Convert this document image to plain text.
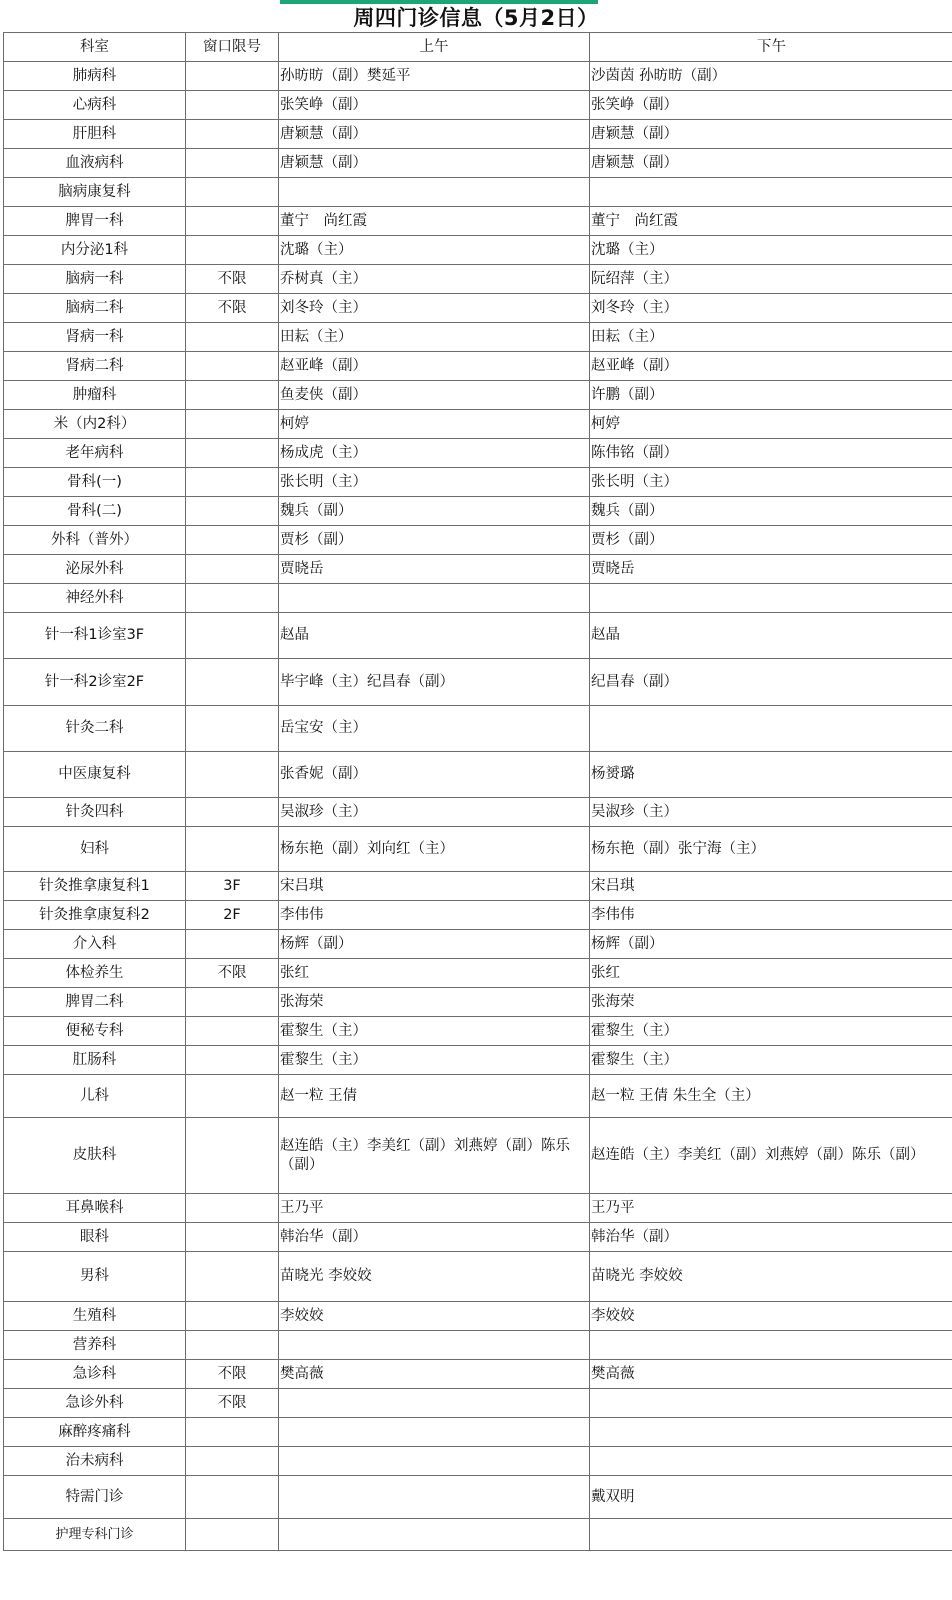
周四门诊信息（5月2日）
科室	窗口限号	上午	下午
肺病科		孙昉昉（副）樊延平	沙茵茵 孙昉昉（副）
心病科		张笑峥（副）	张笑峥（副）
肝胆科		唐颖慧（副）	唐颖慧（副）
血液病科		唐颖慧（副）	唐颖慧（副）
脑病康复科			
脾胃一科		董宁　尚红霞	董宁　尚红霞
内分泌1科		沈璐（主）	沈璐（主）
脑病一科	不限	乔树真（主）	阮绍萍（主）
脑病二科	不限	刘冬玲（主）	刘冬玲（主）
肾病一科		田耘（主）	田耘（主）
肾病二科		赵亚峰（副）	赵亚峰（副）
肿瘤科		鱼麦侠（副）	许鹏（副）
米（内2科）		柯婷	柯婷
老年病科		杨成虎（主）	陈伟铭（副）
骨科(一)		张长明（主）	张长明（主）
骨科(二)		魏兵（副）	魏兵（副）
外科（普外）		贾杉（副）	贾杉（副）
泌尿外科		贾晓岳	贾晓岳
神经外科			
针一科1诊室3F		赵晶	赵晶
针一科2诊室2F		毕宇峰（主）纪昌春（副）	纪昌春（副）
针灸二科		岳宝安（主）	
中医康复科		张香妮（副）	杨赟璐
针灸四科		吴淑珍（主）	吴淑珍（主）
妇科		杨东艳（副）刘向红（主）	杨东艳（副）张宁海（主）
针灸推拿康复科1	3F	宋吕琪	宋吕琪
针灸推拿康复科2	2F	李伟伟	李伟伟
介入科		杨辉（副）	杨辉（副）
体检养生	不限	张红	张红
脾胃二科		张海荣	张海荣
便秘专科		霍黎生（主）	霍黎生（主）
肛肠科		霍黎生（主）	霍黎生（主）
儿科		赵一粒 王倩	赵一粒 王倩 朱生全（主）
皮肤科		赵连皓（主）李美红（副）刘燕婷（副）陈乐（副）	赵连皓（主）李美红（副）刘燕婷（副）陈乐（副）
耳鼻喉科		王乃平	王乃平
眼科		韩治华（副）	韩治华（副）
男科		苗晓光 李姣姣	苗晓光 李姣姣
生殖科		李姣姣	李姣姣
营养科			
急诊科	不限	樊高薇	樊高薇
急诊外科	不限		
麻醉疼痛科			
治未病科			
特需门诊			戴双明
护理专科门诊			
